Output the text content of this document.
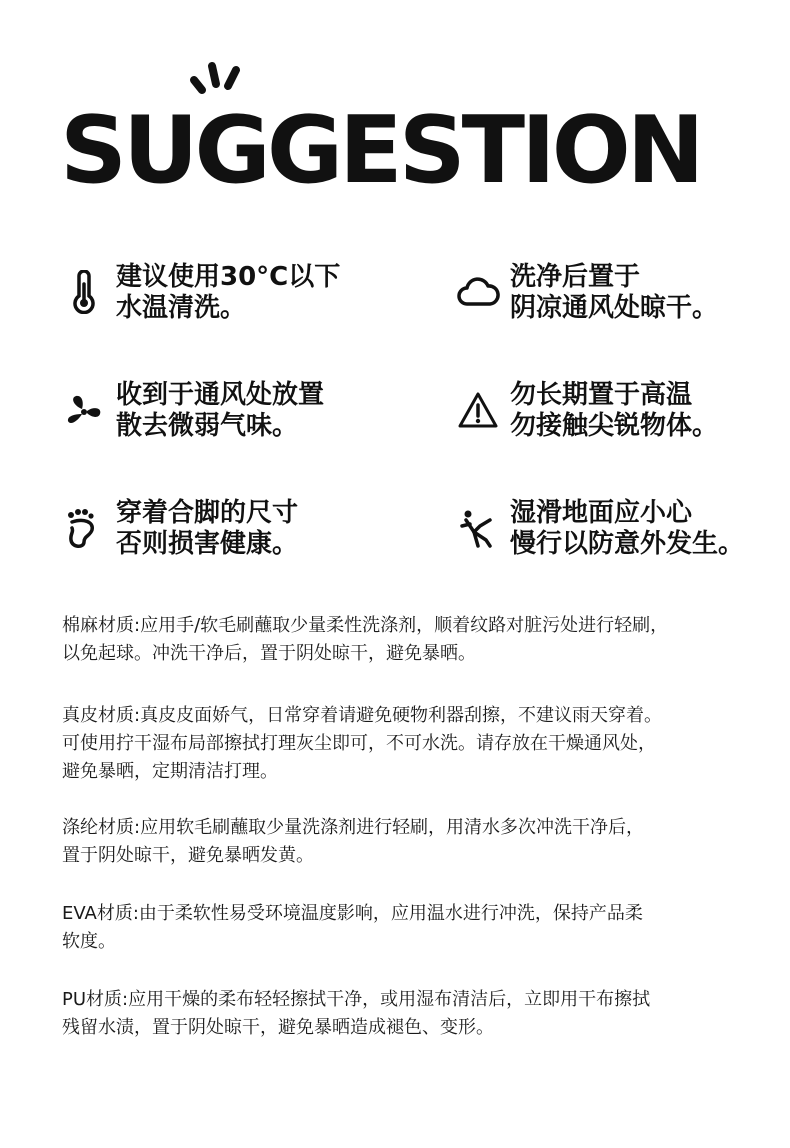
SUGGESTION
建议使用30°C以下
水温清洗。
洗净后置于
阴凉通风处晾干。
收到于通风处放置
散去微弱气味。
勿长期置于高温
勿接触尖锐物体。
穿着合脚的尺寸
否则损害健康。
湿滑地面应小心
慢行以防意外发生。
棉麻材质:应用手/软毛刷蘸取少量柔性洗涤剂，顺着纹路对脏污处进行轻刷，
以免起球。冲洗干净后，置于阴处晾干，避免暴晒。
真皮材质:真皮皮面娇气，日常穿着请避免硬物利器刮擦，不建议雨天穿着。
可使用拧干湿布局部擦拭打理灰尘即可，不可水洗。请存放在干燥通风处，
避免暴晒，定期清洁打理。
涤纶材质:应用软毛刷蘸取少量洗涤剂进行轻刷，用清水多次冲洗干净后，
置于阴处晾干，避免暴晒发黄。
EVA材质:由于柔软性易受环境温度影响，应用温水进行冲洗，保持产品柔
软度。
PU材质:应用干燥的柔布轻轻擦拭干净，或用湿布清洁后，立即用干布擦拭
残留水渍，置于阴处晾干，避免暴晒造成褪色、变形。
